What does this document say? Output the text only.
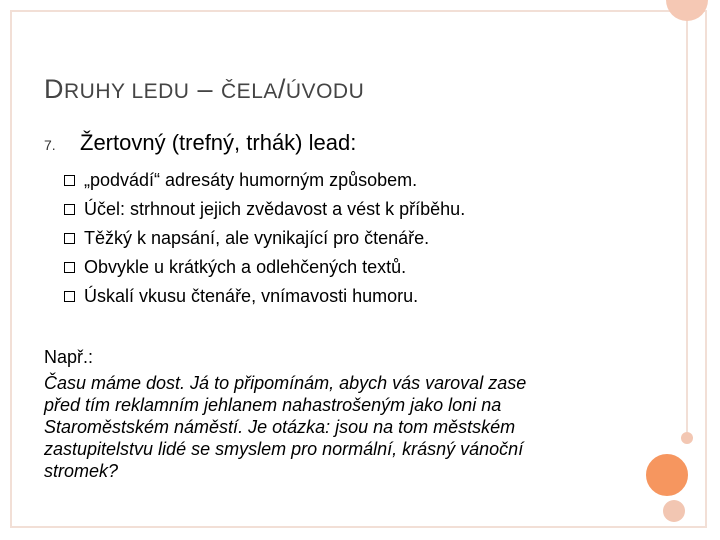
DRUHY LEDU – ČELA/ÚVODU
7.	Žertovný (trefný, trhák) lead:
„podvádí“ adresáty humorným způsobem.
Účel: strhnout jejich zvědavost a vést k příběhu.
Těžký k napsání, ale vynikající pro čtenáře.
Obvykle u krátkých a odlehčených textů.
Úskalí vkusu čtenáře, vnímavosti humoru.
Např.:
Času máme dost. Já to připomínám, abych vás varoval zase
před tím reklamním jehlanem nahastrošeným jako loni na
Staroměstském náměstí. Je otázka: jsou na tom městském
zastupitelstvu lidé se smyslem pro normální, krásný vánoční
stromek?
